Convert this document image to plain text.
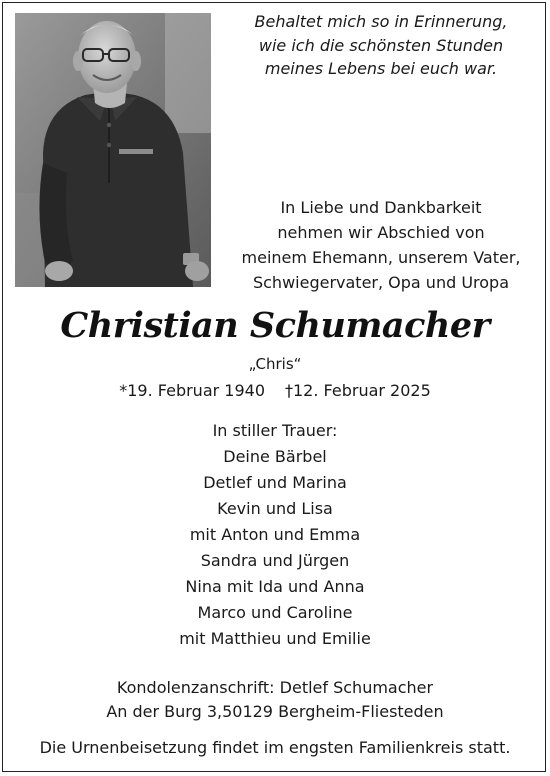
Behaltet mich so in Erinnerung,
wie ich die schönsten Stunden
meines Lebens bei euch war.
In Liebe und Dankbarkeit
nehmen wir Abschied von
meinem Ehemann, unserem Vater,
Schwiegervater, Opa und Uropa
Christian Schumacher
„Chris“
*19. Februar 1940 †12. Februar 2025
In stiller Trauer:
Deine Bärbel
Detlef und Marina
Kevin und Lisa
mit Anton und Emma
Sandra und Jürgen
Nina mit Ida und Anna
Marco und Caroline
mit Matthieu und Emilie
Kondolenzanschrift: Detlef Schumacher
An der Burg 3,50129 Bergheim-Fliesteden
Die Urnenbeisetzung findet im engsten Familienkreis statt.
